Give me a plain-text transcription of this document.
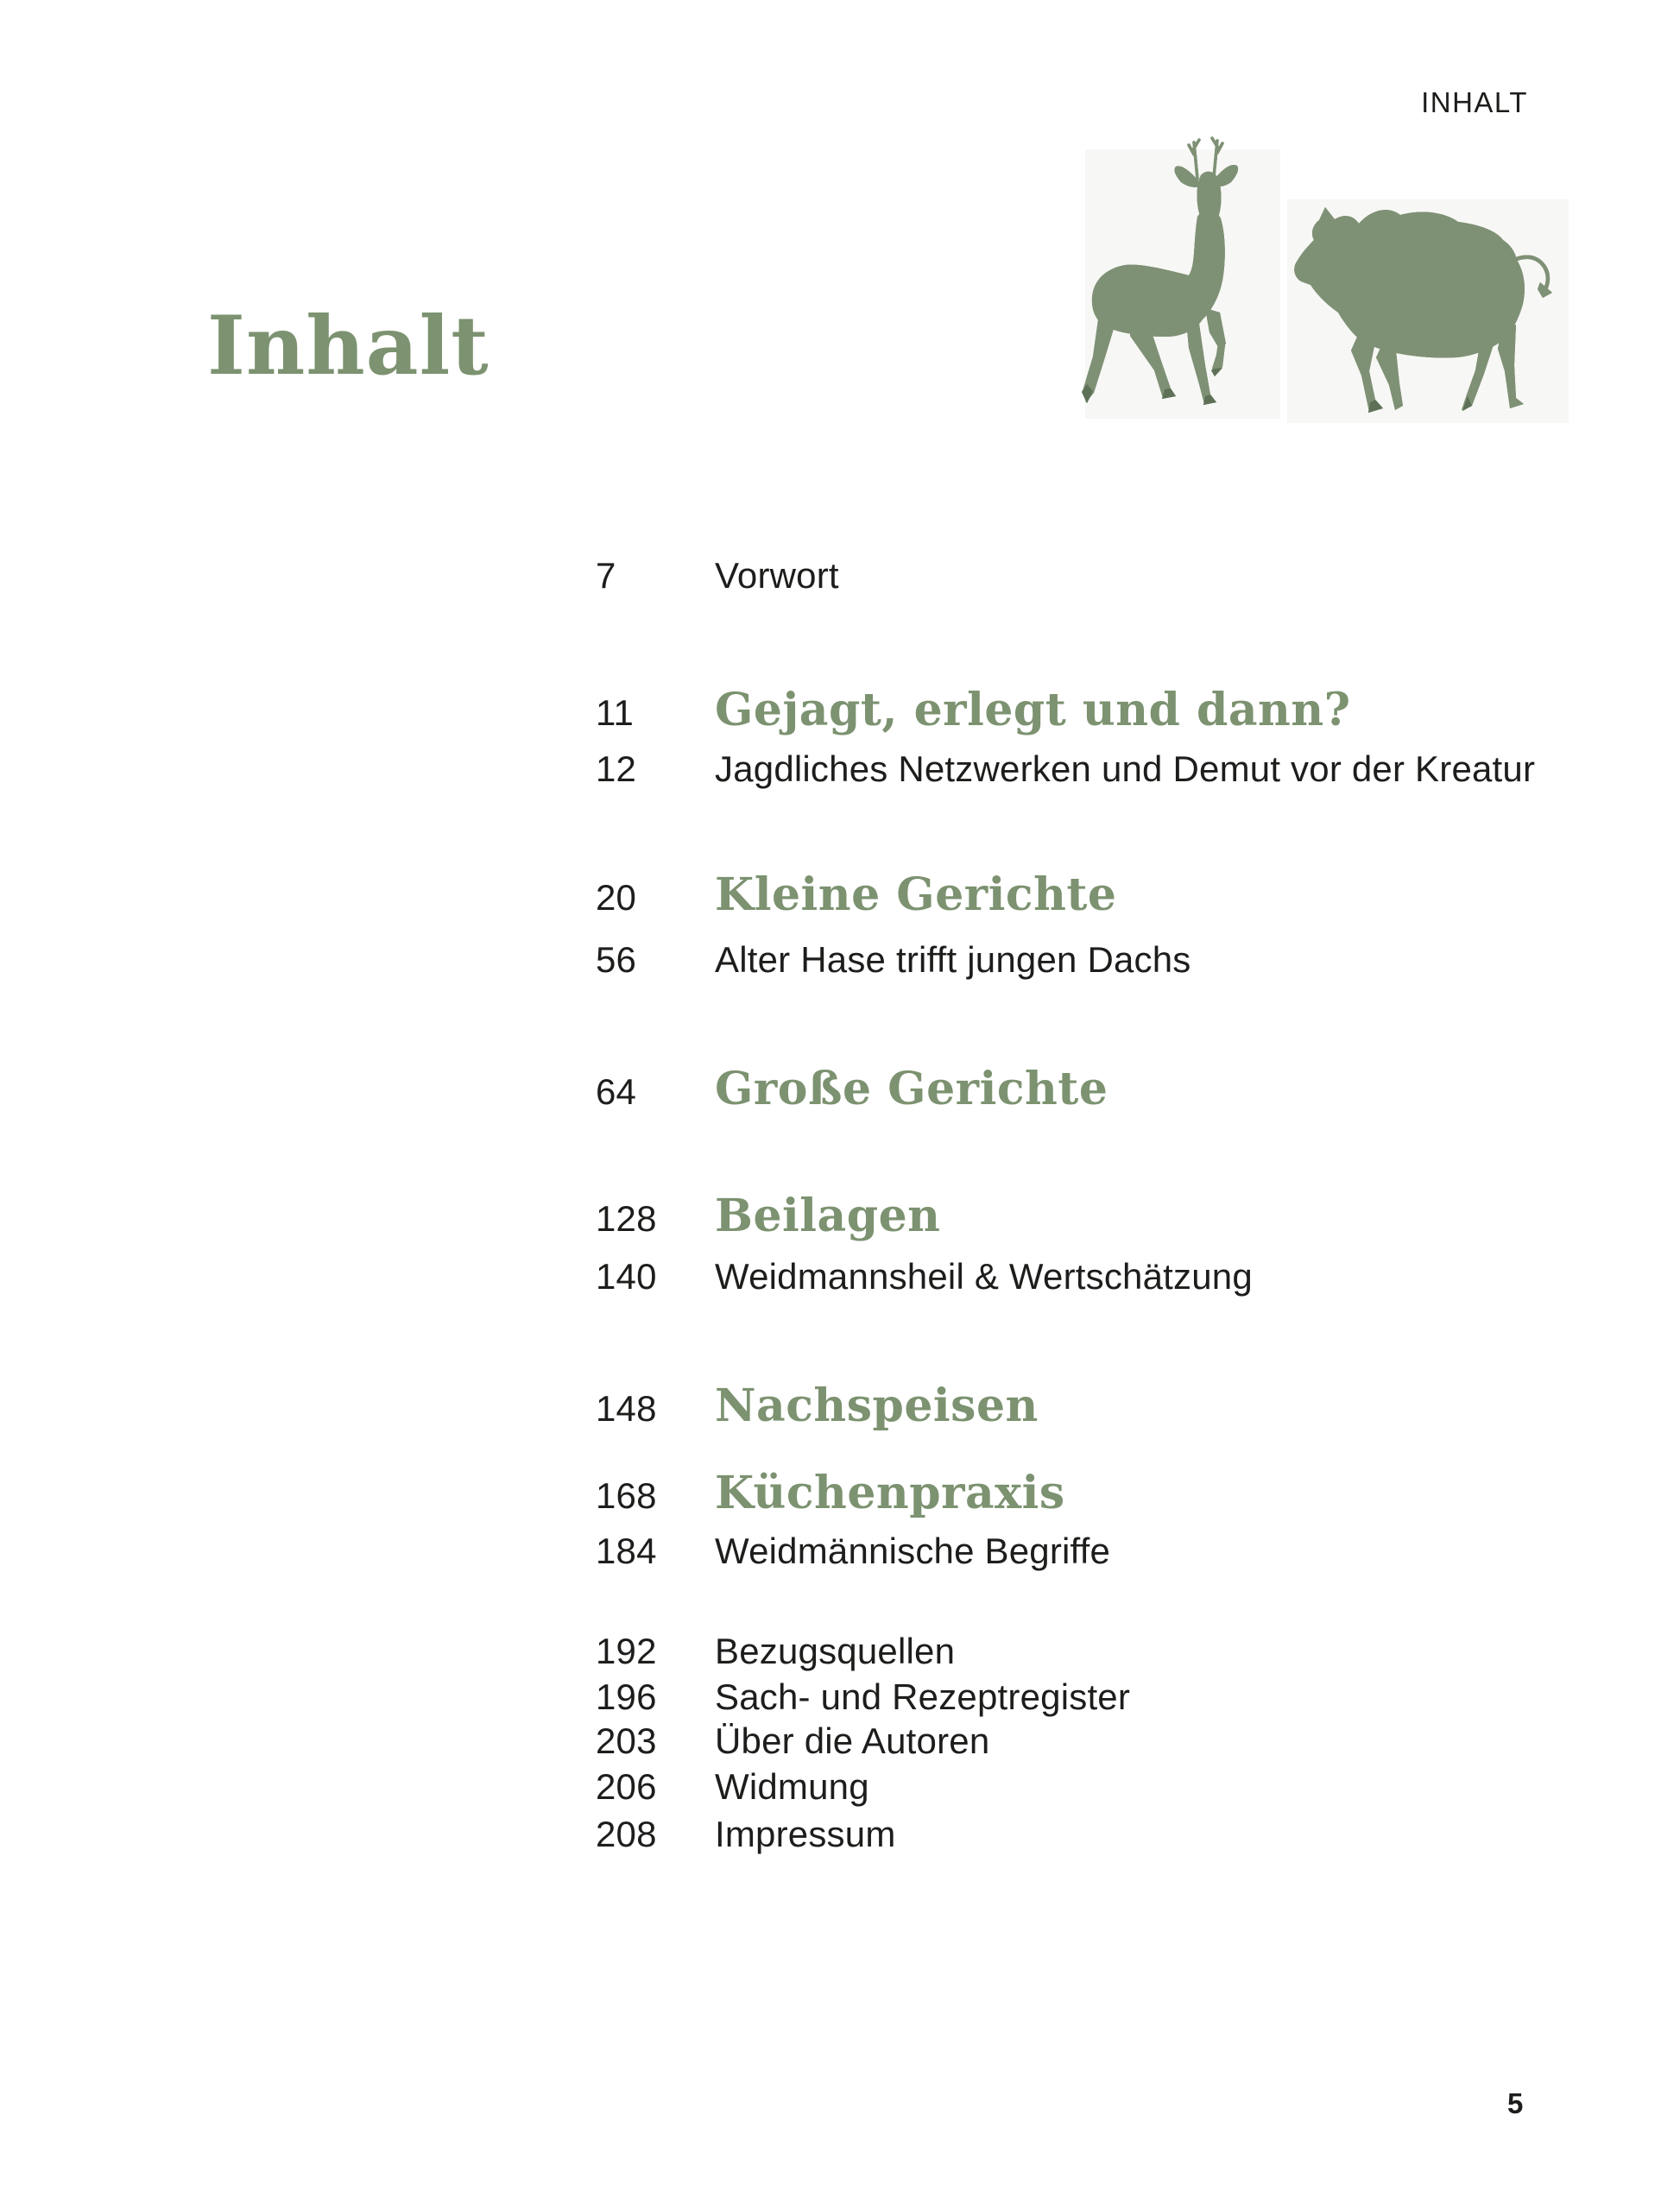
INHALT
Inhalt
7	Vorwort
11	Gejagt, erlegt und dann?
12	Jagdliches Netzwerken und Demut vor der Kreatur
20	Kleine Gerichte
56	Alter Hase trifft jungen Dachs
64	Große Gerichte
128	Beilagen
140	Weidmannsheil & Wertschätzung
148	Nachspeisen
168	Küchenpraxis
184	Weidmännische Begriffe
192	Bezugsquellen
196	Sach- und Rezeptregister
203	Über die Autoren
206	Widmung
208	Impressum
5
